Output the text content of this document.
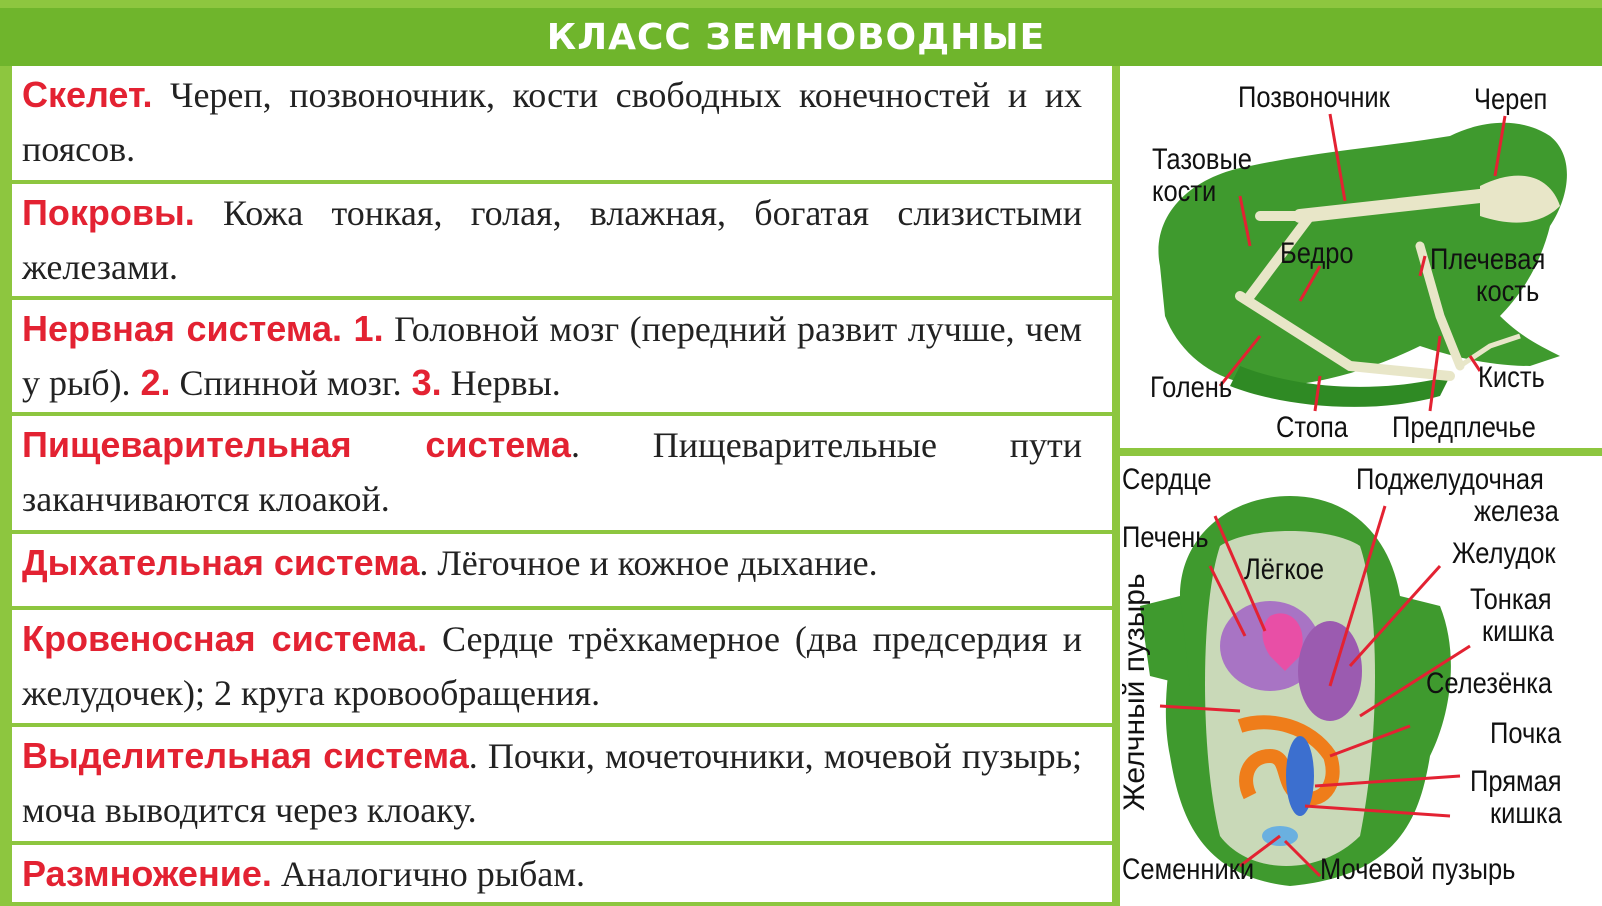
КЛАСС ЗЕМНОВОДНЫЕ
Скелет. Череп, позвоночник, кости свободных конечностей и их поясов.
Покровы. Кожа тонкая, голая, влажная, богатая слизистыми железами.
Нервная система. 1. Головной мозг (передний развит лучше, чем у рыб). 2. Спинной мозг. 3. Нервы.
Пищеварительная система. Пищеварительные пути заканчиваются клоакой.
Дыхательная система. Лёгочное и кожное дыхание.
Кровеносная система. Сердце трёхкамерное (два предсердия и желудочек); 2 круга кровообращения.
Выделительная система. Почки, мочеточники, мочевой пузырь; моча выводится через клоаку.
Размножение. Аналогично рыбам.
Позвоночник	Череп
Тазовые
кости
Бедро	Плечевая
кость
Голень	Кисть
Стопа Предплечье
Сердце
Печень
Лёгкое
Поджелудочная
железа
Желудок
Тонкая
кишка
Селезёнка
Почка
Прямая
кишка
Желчный пузырь
Семенники Мочевой пузырь
